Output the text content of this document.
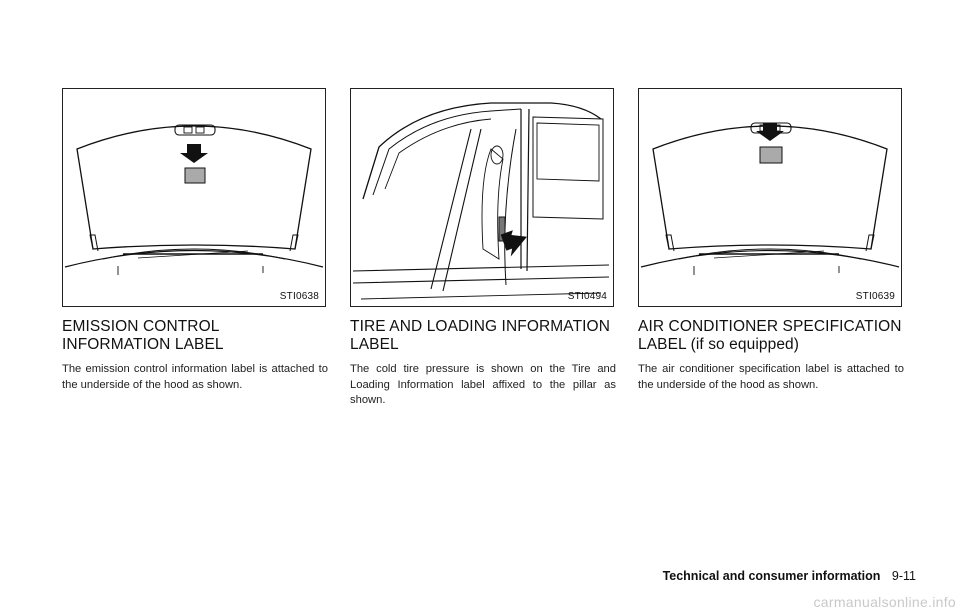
STI0638
EMISSION CONTROL INFORMATION LABEL

The emission control information label is attached to the underside of the hood as shown.

STI0494
TIRE AND LOADING INFORMATION LABEL

The cold tire pressure is shown on the Tire and Loading Information label affixed to the pillar as shown.

STI0639
AIR CONDITIONER SPECIFICATION LABEL (if so equipped)

The air conditioner specification label is attached to the underside of the hood as shown.

Technical and consumer information 9-11
carmanualsonline.info
